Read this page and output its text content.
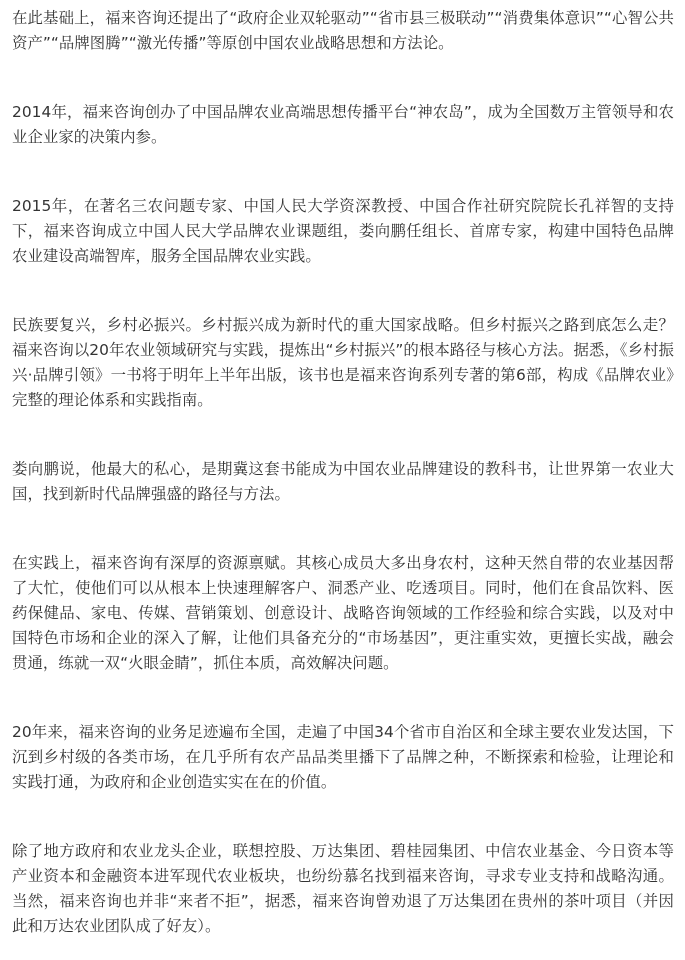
在此基础上，福来咨询还提出了“政府企业双轮驱动”“省市县三极联动”“消费集体意识”“心智公共资产”“品牌图腾”“激光传播”等原创中国农业战略思想和方法论。

2014年，福来咨询创办了中国品牌农业高端思想传播平台“神农岛”，成为全国数万主管领导和农业企业家的决策内参。

2015年，在著名三农问题专家、中国人民大学资深教授、中国合作社研究院院长孔祥智的支持下，福来咨询成立中国人民大学品牌农业课题组，娄向鹏任组长、首席专家，构建中国特色品牌农业建设高端智库，服务全国品牌农业实践。

民族要复兴，乡村必振兴。乡村振兴成为新时代的重大国家战略。但乡村振兴之路到底怎么走？福来咨询以20年农业领域研究与实践，提炼出“乡村振兴”的根本路径与核心方法。据悉，《乡村振兴·品牌引领》一书将于明年上半年出版，该书也是福来咨询系列专著的第6部，构成《品牌农业》完整的理论体系和实践指南。

娄向鹏说，他最大的私心，是期冀这套书能成为中国农业品牌建设的教科书，让世界第一农业大国，找到新时代品牌强盛的路径与方法。

在实践上，福来咨询有深厚的资源禀赋。其核心成员大多出身农村，这种天然自带的农业基因帮了大忙，使他们可以从根本上快速理解客户、洞悉产业、吃透项目。同时，他们在食品饮料、医药保健品、家电、传媒、营销策划、创意设计、战略咨询领域的工作经验和综合实践，以及对中国特色市场和企业的深入了解，让他们具备充分的“市场基因”，更注重实效，更擅长实战，融会贯通，练就一双“火眼金睛”，抓住本质，高效解决问题。

20年来，福来咨询的业务足迹遍布全国，走遍了中国34个省市自治区和全球主要农业发达国，下沉到乡村级的各类市场，在几乎所有农产品品类里播下了品牌之种，不断探索和检验，让理论和实践打通，为政府和企业创造实实在在的价值。

除了地方政府和农业龙头企业，联想控股、万达集团、碧桂园集团、中信农业基金、今日资本等产业资本和金融资本进军现代农业板块，也纷纷慕名找到福来咨询，寻求专业支持和战略沟通。当然，福来咨询也并非“来者不拒”，据悉，福来咨询曾劝退了万达集团在贵州的茶叶项目（并因此和万达农业团队成了好友）。
